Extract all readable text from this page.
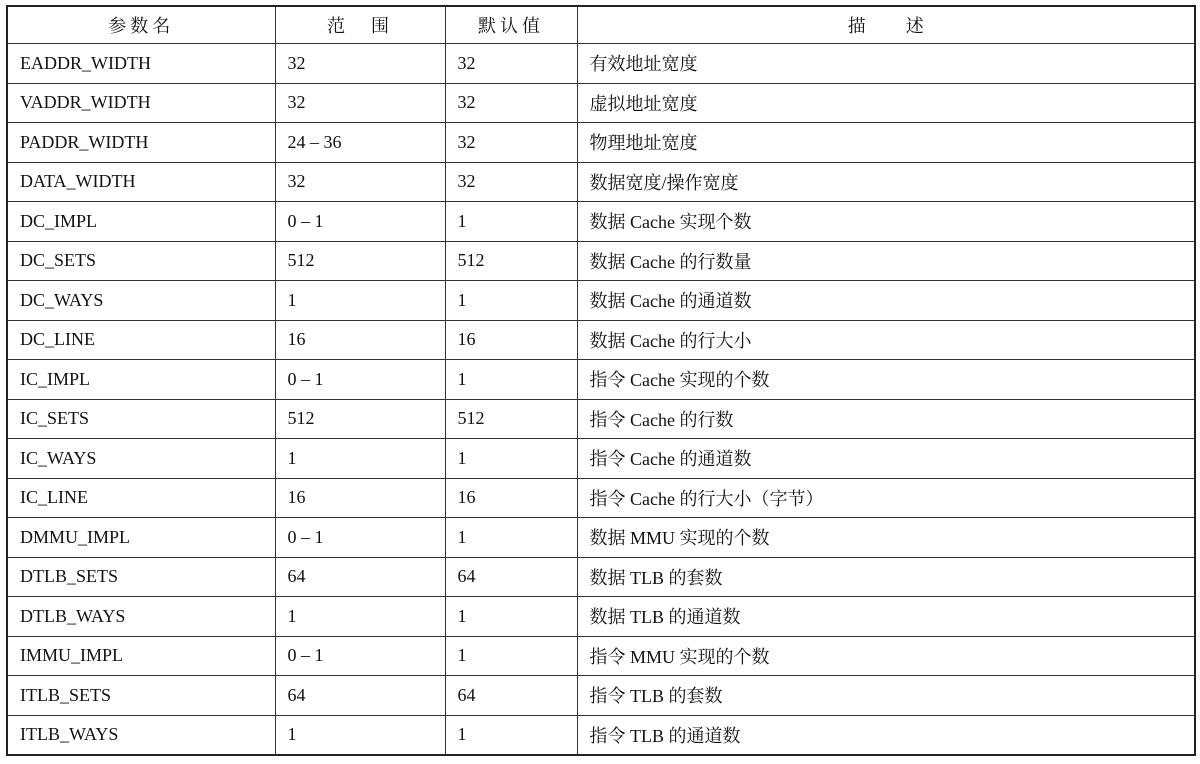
参数名	范　围	默认值	描 述
EADDR_WIDTH	32	32	有效地址宽度
VADDR_WIDTH	32	32	虚拟地址宽度
PADDR_WIDTH	24 – 36	32	物理地址宽度
DATA_WIDTH	32	32	数据宽度/操作宽度
DC_IMPL	0 – 1	1	数据 Cache 实现个数
DC_SETS	512	512	数据 Cache 的行数量
DC_WAYS	1	1	数据 Cache 的通道数
DC_LINE	16	16	数据 Cache 的行大小
IC_IMPL	0 – 1	1	指令 Cache 实现的个数
IC_SETS	512	512	指令 Cache 的行数
IC_WAYS	1	1	指令 Cache 的通道数
IC_LINE	16	16	指令 Cache 的行大小（字节）
DMMU_IMPL	0 – 1	1	数据 MMU 实现的个数
DTLB_SETS	64	64	数据 TLB 的套数
DTLB_WAYS	1	1	数据 TLB 的通道数
IMMU_IMPL	0 – 1	1	指令 MMU 实现的个数
ITLB_SETS	64	64	指令 TLB 的套数
ITLB_WAYS	1	1	指令 TLB 的通道数
